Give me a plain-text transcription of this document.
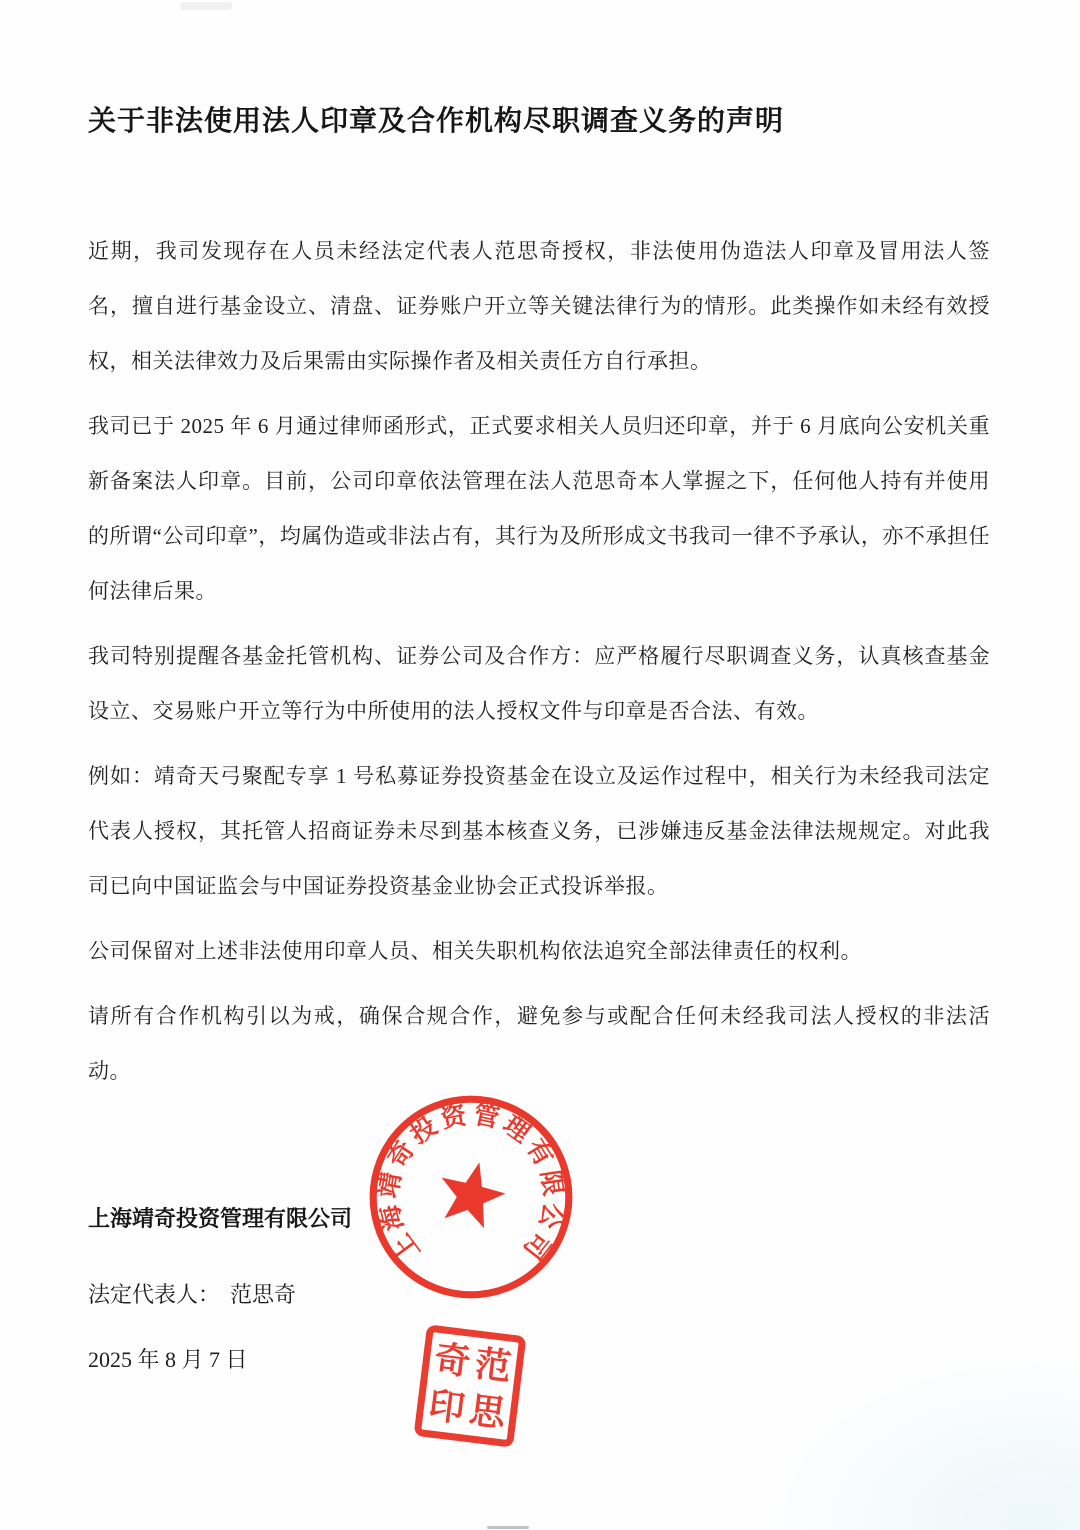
关于非法使用法人印章及合作机构尽职调查义务的声明

近期，我司发现存在人员未经法定代表人范思奇授权，非法使用伪造法人印章及冒用法人签名，擅自进行基金设立、清盘、证券账户开立等关键法律行为的情形。此类操作如未经有效授权，相关法律效力及后果需由实际操作者及相关责任方自行承担。

我司已于 2025 年 6 月通过律师函形式，正式要求相关人员归还印章，并于 6 月底向公安机关重新备案法人印章。目前，公司印章依法管理在法人范思奇本人掌握之下，任何他人持有并使用的所谓“公司印章”，均属伪造或非法占有，其行为及所形成文书我司一律不予承认，亦不承担任何法律后果。

我司特别提醒各基金托管机构、证券公司及合作方：应严格履行尽职调查义务，认真核查基金设立、交易账户开立等行为中所使用的法人授权文件与印章是否合法、有效。

例如：靖奇天弓聚配专享 1 号私募证券投资基金在设立及运作过程中，相关行为未经我司法定代表人授权，其托管人招商证券未尽到基本核查义务，已涉嫌违反基金法律法规规定。对此我司已向中国证监会与中国证券投资基金业协会正式投诉举报。

公司保留对上述非法使用印章人员、相关失职机构依法追究全部法律责任的权利。

请所有合作机构引以为戒，确保合规合作，避免参与或配合任何未经我司法人授权的非法活动。

上海靖奇投资管理有限公司

法定代表人： 范思奇

2025 年 8 月 7 日

上海靖奇投资管理有限公司
奇 范
印 思
